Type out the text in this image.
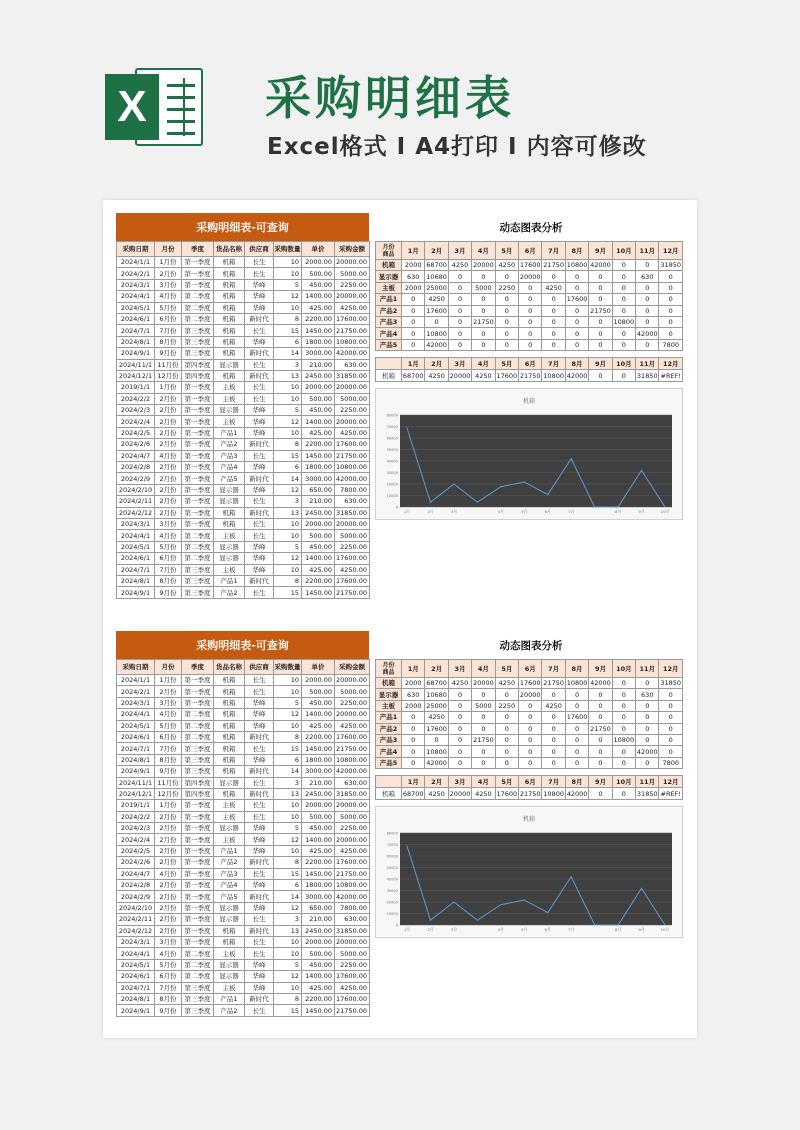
X	采购明细表
Excel格式 I A4打印 I 内容可修改
采购明细表-可查询
采购日期	月份	季度	货品名称	供应商	采购数量	单价	采购金额
2024/1/1	1月份	第一季度	机箱	长生	10	2000.00	20000.00
2024/2/1	2月份	第一季度	机箱	长生	10	500.00	5000.00
2024/3/1	3月份	第一季度	机箱	华峰	5	450.00	2250.00
2024/4/1	4月份	第二季度	机箱	华峰	12	1400.00	20000.00
2024/5/1	5月份	第二季度	机箱	华峰	10	425.00	4250.00
2024/6/1	6月份	第二季度	机箱	新时代	8	2200.00	17600.00
2024/7/1	7月份	第三季度	机箱	长生	15	1450.00	21750.00
2024/8/1	8月份	第三季度	机箱	华峰	6	1800.00	10800.00
2024/9/1	9月份	第三季度	机箱	新时代	14	3000.00	42000.00
2024/11/1	11月份	第四季度	显示器	长生	3	210.00	630.00
2024/12/1	12月份	第四季度	机箱	新时代	13	2450.00	31850.00
2019/1/1	1月份	第一季度	主板	长生	10	2000.00	20000.00
2024/2/2	2月份	第一季度	主板	长生	10	500.00	5000.00
2024/2/3	2月份	第一季度	显示器	华峰	5	450.00	2250.00
2024/2/4	2月份	第一季度	主板	华峰	12	1400.00	20000.00
2024/2/5	2月份	第一季度	产品1	华峰	10	425.00	4250.00
2024/2/6	2月份	第一季度	产品2	新时代	8	2200.00	17600.00
2024/4/7	4月份	第一季度	产品3	长生	15	1450.00	21750.00
2024/2/8	2月份	第一季度	产品4	华峰	6	1800.00	10800.00
2024/2/9	2月份	第一季度	产品5	新时代	14	3000.00	42000.00
2024/2/10	2月份	第一季度	显示器	华峰	12	650.00	7800.00
2024/2/11	2月份	第一季度	显示器	长生	3	210.00	630.00
2024/2/12	2月份	第一季度	机箱	新时代	13	2450.00	31850.00
2024/3/1	3月份	第一季度	机箱	长生	10	2000.00	20000.00
2024/4/1	4月份	第二季度	主板	长生	10	500.00	5000.00
2024/5/1	5月份	第二季度	显示器	华峰	5	450.00	2250.00
2024/6/1	6月份	第二季度	显示器	华峰	12	1400.00	17600.00
2024/7/1	7月份	第三季度	主板	华峰	10	425.00	4250.00
2024/8/1	8月份	第三季度	产品1	新时代	8	2200.00	17600.00
2024/9/1	9月份	第三季度	产品2	长生	15	1450.00	21750.00
动态图表分析
月份
商品	1月	2月	3月	4月	5月	6月	7月	8月	9月	10月	11月	12月
机箱	2000	68700	4250	20000	4250	17600	21750	10800	42000	0	0	31850
显示器	630	10680	0	0	0	20000	0	0	0	0	630	0
主板	2000	25000	0	5000	2250	0	4250	0	0	0	0	0
产品1	0	4250	0	0	0	0	0	17600	0	0	0	0
产品2	0	17600	0	0	0	0	0	0	21750	0	0	0
产品3	0	0	0	21750	0	0	0	0	0	10800	0	0
产品4	0	10800	0	0	0	0	0	0	0	0	42000	0
产品5	0	42000	0	0	0	0	0	0	0	0	0	7800
	1月	2月	3月	4月	5月	6月	7月	8月	9月	10月	11月	12月
机箱	68700	4250	20000	4250	17600	21750	10800	42000	0	0	31850	#REF!
机箱
0
10000
20000
30000
40000
50000
60000
70000
80000
1月	2月	3月	4月	5月	6月	7月	8月	9月	10月
采购明细表-可查询
采购日期	月份	季度	货品名称	供应商	采购数量	单价	采购金额
2024/1/1	1月份	第一季度	机箱	长生	10	2000.00	20000.00
2024/2/1	2月份	第一季度	机箱	长生	10	500.00	5000.00
2024/3/1	3月份	第一季度	机箱	华峰	5	450.00	2250.00
2024/4/1	4月份	第二季度	机箱	华峰	12	1400.00	20000.00
2024/5/1	5月份	第二季度	机箱	华峰	10	425.00	4250.00
2024/6/1	6月份	第二季度	机箱	新时代	8	2200.00	17600.00
2024/7/1	7月份	第三季度	机箱	长生	15	1450.00	21750.00
2024/8/1	8月份	第三季度	机箱	华峰	6	1800.00	10800.00
2024/9/1	9月份	第三季度	机箱	新时代	14	3000.00	42000.00
2024/11/1	11月份	第四季度	显示器	长生	3	210.00	630.00
2024/12/1	12月份	第四季度	机箱	新时代	13	2450.00	31850.00
2019/1/1	1月份	第一季度	主板	长生	10	2000.00	20000.00
2024/2/2	2月份	第一季度	主板	长生	10	500.00	5000.00
2024/2/3	2月份	第一季度	显示器	华峰	5	450.00	2250.00
2024/2/4	2月份	第一季度	主板	华峰	12	1400.00	20000.00
2024/2/5	2月份	第一季度	产品1	华峰	10	425.00	4250.00
2024/2/6	2月份	第一季度	产品2	新时代	8	2200.00	17600.00
2024/4/7	4月份	第一季度	产品3	长生	15	1450.00	21750.00
2024/2/8	2月份	第一季度	产品4	华峰	6	1800.00	10800.00
2024/2/9	2月份	第一季度	产品5	新时代	14	3000.00	42000.00
2024/2/10	2月份	第一季度	显示器	华峰	12	650.00	7800.00
2024/2/11	2月份	第一季度	显示器	长生	3	210.00	630.00
2024/2/12	2月份	第一季度	机箱	新时代	13	2450.00	31850.00
2024/3/1	3月份	第一季度	机箱	长生	10	2000.00	20000.00
2024/4/1	4月份	第二季度	主板	长生	10	500.00	5000.00
2024/5/1	5月份	第二季度	显示器	华峰	5	450.00	2250.00
2024/6/1	6月份	第二季度	显示器	华峰	12	1400.00	17600.00
2024/7/1	7月份	第三季度	主板	华峰	10	425.00	4250.00
2024/8/1	8月份	第三季度	产品1	新时代	8	2200.00	17600.00
2024/9/1	9月份	第三季度	产品2	长生	15	1450.00	21750.00
动态图表分析
月份
商品	1月	2月	3月	4月	5月	6月	7月	8月	9月	10月	11月	12月
机箱	2000	68700	4250	20000	4250	17600	21750	10800	42000	0	0	31850
显示器	630	10680	0	0	0	20000	0	0	0	0	630	0
主板	2000	25000	0	5000	2250	0	4250	0	0	0	0	0
产品1	0	4250	0	0	0	0	0	17600	0	0	0	0
产品2	0	17600	0	0	0	0	0	0	21750	0	0	0
产品3	0	0	0	21750	0	0	0	0	0	10800	0	0
产品4	0	10800	0	0	0	0	0	0	0	0	42000	0
产品5	0	42000	0	0	0	0	0	0	0	0	0	7800
	1月	2月	3月	4月	5月	6月	7月	8月	9月	10月	11月	12月
机箱	68700	4250	20000	4250	17600	21750	10800	42000	0	0	31850	#REF!
机箱
0
10000
20000
30000
40000
50000
60000
70000
80000
1月	2月	3月	4月	5月	6月	7月	8月	9月	10月
